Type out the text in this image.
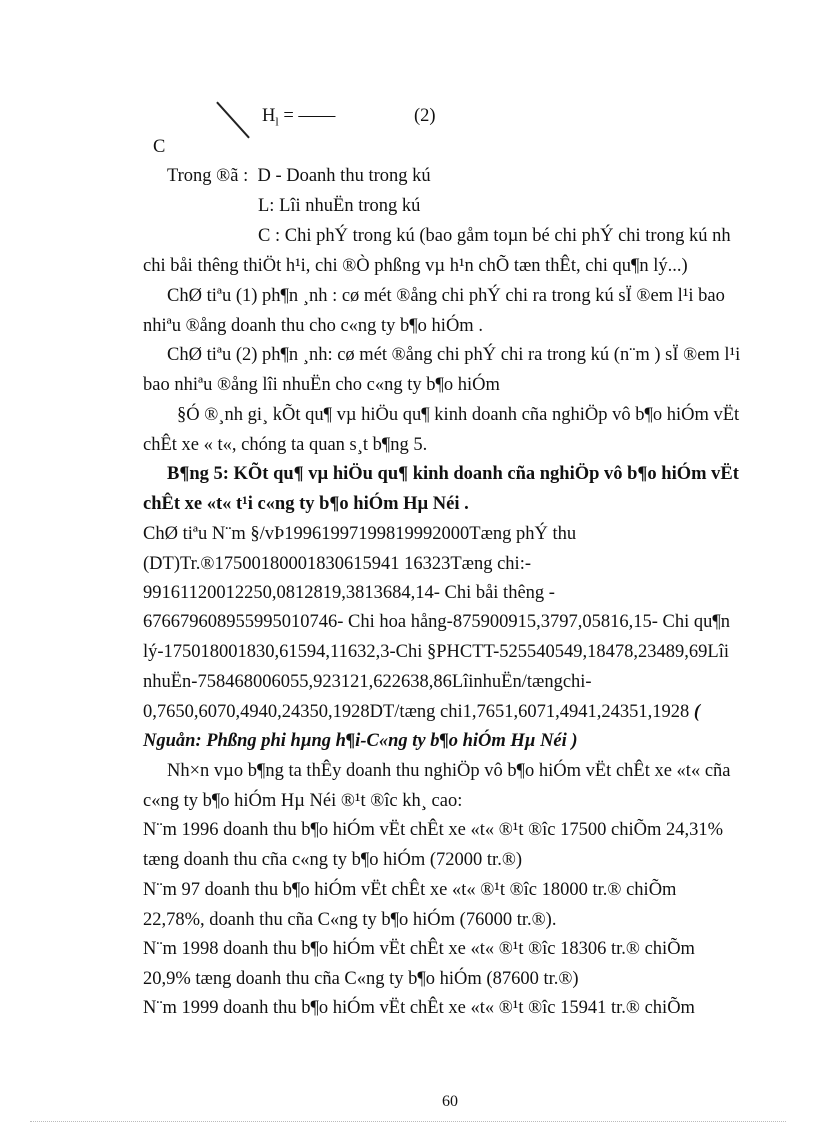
$H_l$ = ——	(2)
C
Trong ®ã : D - Doanh thu trong kú
L: Lîi nhuËn trong kú
C : Chi phÝ trong kú (bao gåm toµn bé chi phÝ chi trong kú nh
chi båi thêng thiÖt h¹i, chi ®Ò phßng vµ h¹n chÕ tæn thÊt, chi qu¶n lý...)
ChØ tiªu (1) ph¶n ¸nh : cø mét ®ång chi phÝ chi ra trong kú sÏ ®em l¹i bao
nhiªu ®ång doanh thu cho c«ng ty b¶o hiÓm .
ChØ tiªu (2) ph¶n ¸nh: cø mét ®ång chi phÝ chi ra trong kú (n¨m ) sÏ ®em l¹i
bao nhiªu ®ång lîi nhuËn cho c«ng ty b¶o hiÓm
§Ó ®¸nh gi¸ kÕt qu¶ vµ hiÖu qu¶ kinh doanh cña nghiÖp vô b¶o hiÓm vËt
chÊt xe « t«, chóng ta quan s¸t b¶ng 5.
B¶ng 5: KÕt qu¶ vµ hiÖu qu¶ kinh doanh cña nghiÖp vô b¶o hiÓm vËt
chÊt xe «t« t¹i c«ng ty b¶o hiÓm Hµ Néi .
ChØ tiªu N¨m §/vÞ19961997199819992000Tæng phÝ thu
(DT)Tr.®17500180001830615941 16323Tæng chi:-
99161120012250,0812819,3813684,14- Chi båi thêng -
676679608955995010746- Chi hoa hång-875900915,3797,05816,15- Chi qu¶n
lý-175018001830,61594,11632,3-Chi §PHCTT-525540549,18478,23489,69Lîi
nhuËn-758468006055,923121,622638,86LîinhuËn/tængchi-
0,7650,6070,4940,24350,1928DT/tæng chi1,7651,6071,4941,24351,1928 (
Nguån: Phßng phi hµng h¶i-C«ng ty b¶o hiÓm Hµ Néi )
Nh×n vµo b¶ng ta thÊy doanh thu nghiÖp vô b¶o hiÓm vËt chÊt xe «t« cña
c«ng ty b¶o hiÓm Hµ Néi ®¹t ®îc kh¸ cao:
N¨m 1996 doanh thu b¶o hiÓm vËt chÊt xe «t« ®¹t ®îc 17500 chiÕm 24,31%
tæng doanh thu cña c«ng ty b¶o hiÓm (72000 tr.®)
N¨m 97 doanh thu b¶o hiÓm vËt chÊt xe «t« ®¹t ®îc 18000 tr.® chiÕm
22,78%, doanh thu cña C«ng ty b¶o hiÓm (76000 tr.®).
N¨m 1998 doanh thu b¶o hiÓm vËt chÊt xe «t« ®¹t ®îc 18306 tr.® chiÕm
20,9% tæng doanh thu cña C«ng ty b¶o hiÓm (87600 tr.®)
N¨m 1999 doanh thu b¶o hiÓm vËt chÊt xe «t« ®¹t ®îc 15941 tr.® chiÕm
60
